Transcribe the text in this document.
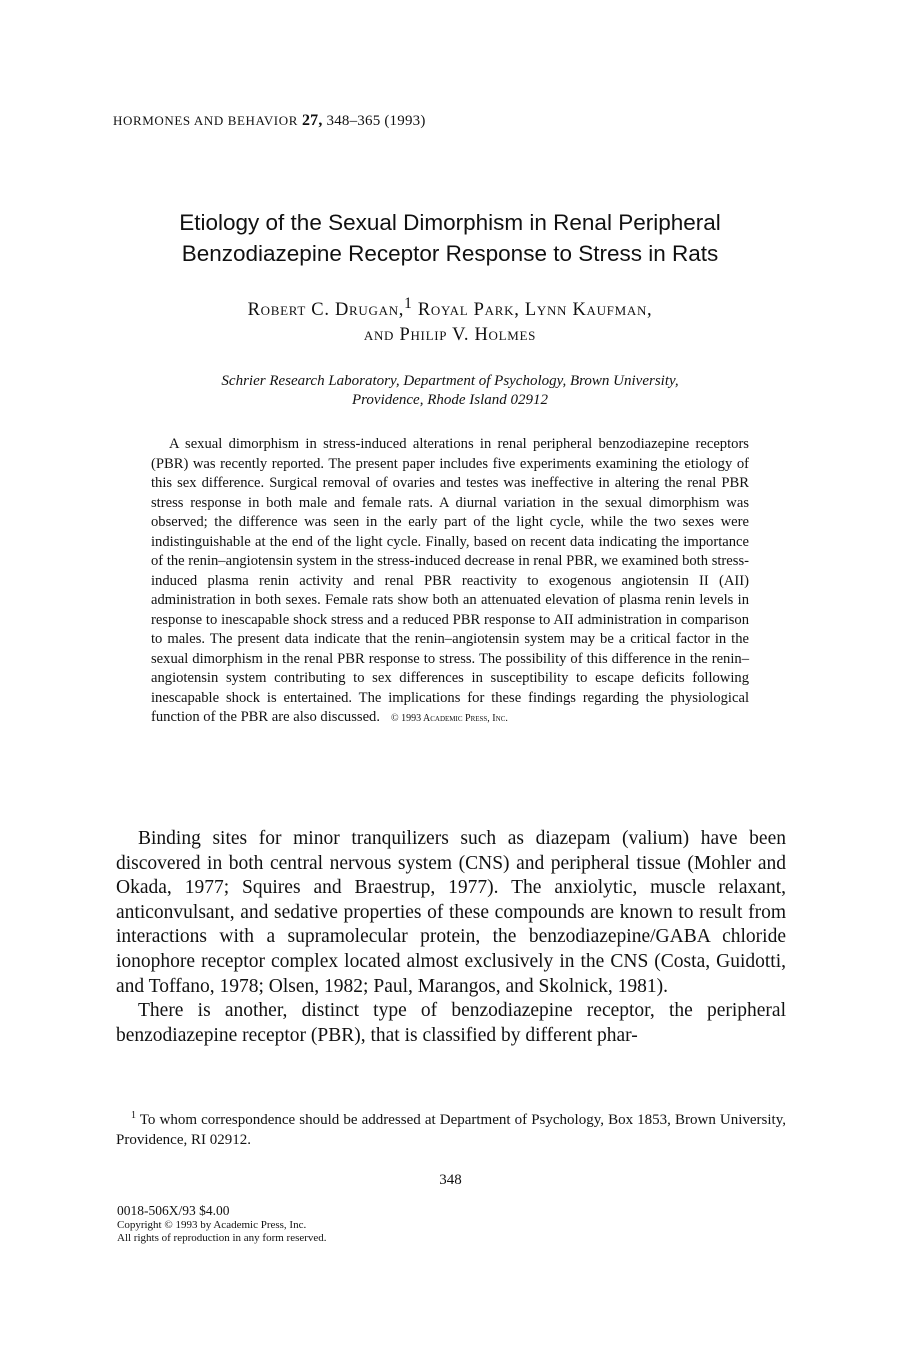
HORMONES AND BEHAVIOR 27, 348–365 (1993)
Etiology of the Sexual Dimorphism in Renal Peripheral
Benzodiazepine Receptor Response to Stress in Rats
Robert C. Drugan,$^1$ Royal Park, Lynn Kaufman,
and Philip V. Holmes
Schrier Research Laboratory, Department of Psychology, Brown University,
Providence, Rhode Island 02912
A sexual dimorphism in stress-induced alterations in renal peripheral benzodiazepine receptors (PBR) was recently reported. The present paper includes five experiments examining the etiology of this sex difference. Surgical removal of ovaries and testes was ineffective in altering the renal PBR stress response in both male and female rats. A diurnal variation in the sexual dimorphism was observed; the difference was seen in the early part of the light cycle, while the two sexes were indistinguishable at the end of the light cycle. Finally, based on recent data indicating the importance of the renin–angiotensin system in the stress-induced decrease in renal PBR, we examined both stress-induced plasma renin activity and renal PBR reactivity to exogenous angiotensin II (AII) administration in both sexes. Female rats show both an attenuated elevation of plasma renin levels in response to inescapable shock stress and a reduced PBR response to AII administration in comparison to males. The present data indicate that the renin–angiotensin system may be a critical factor in the sexual dimorphism in the renal PBR response to stress. The possibility of this difference in the renin–angiotensin system contributing to sex differences in susceptibility to escape deficits following inescapable shock is entertained. The implications for these findings regarding the physiological function of the PBR are also discussed. © 1993 Academic Press, Inc.

Binding sites for minor tranquilizers such as diazepam (valium) have been discovered in both central nervous system (CNS) and peripheral tissue (Mohler and Okada, 1977; Squires and Braestrup, 1977). The anxiolytic, muscle relaxant, anticonvulsant, and sedative properties of these compounds are known to result from interactions with a supramolecular protein, the benzodiazepine/GABA chloride ionophore receptor complex located almost exclusively in the CNS (Costa, Guidotti, and Toffano, 1978; Olsen, 1982; Paul, Marangos, and Skolnick, 1981).

There is another, distinct type of benzodiazepine receptor, the peripheral benzodiazepine receptor (PBR), that is classified by different phar-

$^1$ To whom correspondence should be addressed at Department of Psychology, Box 1853, Brown University, Providence, RI 02912.
348
0018-506X/93 $4.00
Copyright © 1993 by Academic Press, Inc.
All rights of reproduction in any form reserved.
